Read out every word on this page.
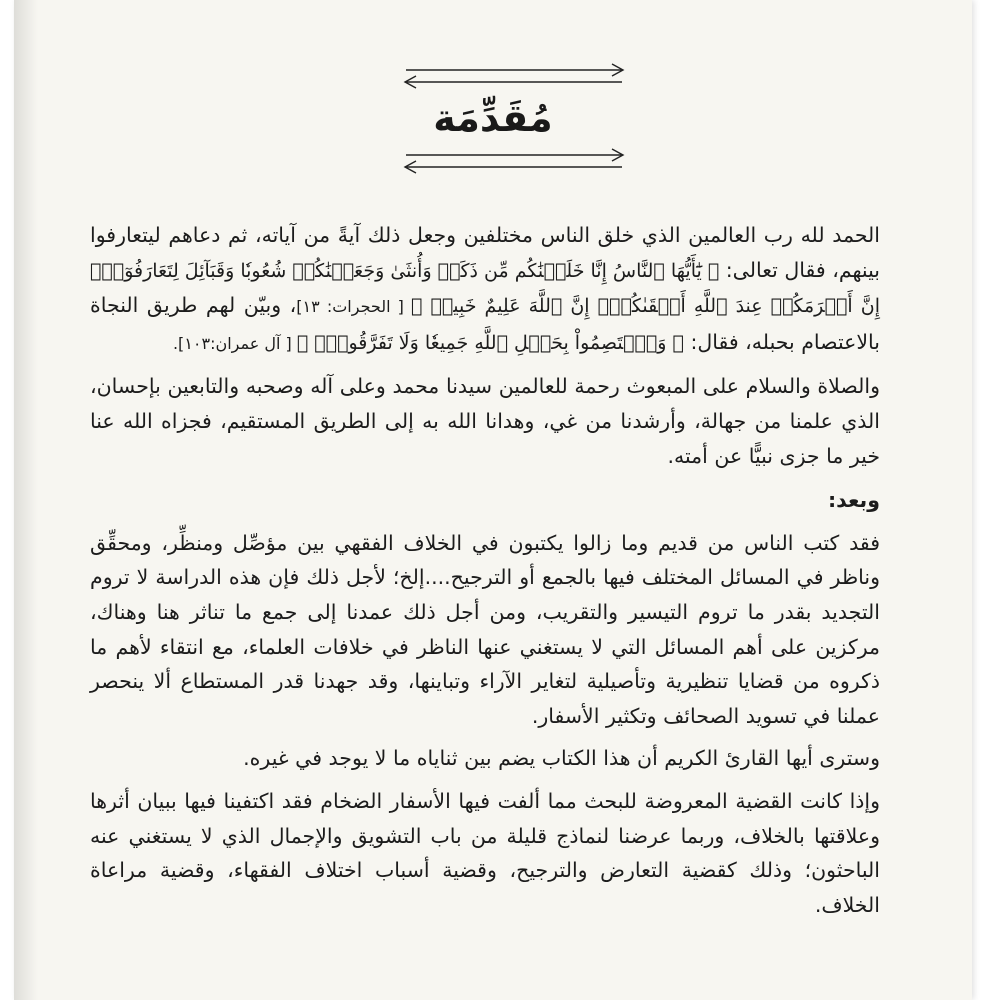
مُقَدِّمَة

الحمد لله رب العالمين الذي خلق الناس مختلفين وجعل ذلك آيةً من آياته، ثم دعاهم ليتعارفوا بينهم، فقال تعالى: ﴿ يَٰٓأَيُّهَا ٱلنَّاسُ إِنَّا خَلَقۡنَٰكُم مِّن ذَكَرٖ وَأُنثَىٰ وَجَعَلۡنَٰكُمۡ شُعُوبٗا وَقَبَآئِلَ لِتَعَارَفُوٓاْۚ إِنَّ أَكۡرَمَكُمۡ عِندَ ٱللَّهِ أَتۡقَىٰكُمۡۚ إِنَّ ٱللَّهَ عَلِيمٌ خَبِيرٞ ﴾ [ الحجرات: ١٣]، وبيّن لهم طريق النجاة بالاعتصام بحبله، فقال: ﴿ وَٱعۡتَصِمُواْ بِحَبۡلِ ٱللَّهِ جَمِيعٗا وَلَا تَفَرَّقُواْۚ ﴾ [ آل عمران:١٠٣].

والصلاة والسلام على المبعوث رحمة للعالمين سيدنا محمد وعلى آله وصحبه والتابعين بإحسان، الذي علمنا من جهالة، وأرشدنا من غي، وهدانا الله به إلى الطريق المستقيم، فجزاه الله عنا خير ما جزى نبيًّا عن أمته.

وبعد:

فقد كتب الناس من قديم وما زالوا يكتبون في الخلاف الفقهي بين مؤصِّل ومنظِّر، ومحقِّق وناظر في المسائل المختلف فيها بالجمع أو الترجيح....إلخ؛ لأجل ذلك فإن هذه الدراسة لا تروم التجديد بقدر ما تروم التيسير والتقريب، ومن أجل ذلك عمدنا إلى جمع ما تناثر هنا وهناك، مركزين على أهم المسائل التي لا يستغني عنها الناظر في خلافات العلماء، مع انتقاء لأهم ما ذكروه من قضايا تنظيرية وتأصيلية لتغاير الآراء وتباينها، وقد جهدنا قدر المستطاع ألا ينحصر عملنا في تسويد الصحائف وتكثير الأسفار.

وسترى أيها القارئ الكريم أن هذا الكتاب يضم بين ثناياه ما لا يوجد في غيره.

وإذا كانت القضية المعروضة للبحث مما ألفت فيها الأسفار الضخام فقد اكتفينا فيها ببيان أثرها وعلاقتها بالخلاف، وربما عرضنا لنماذج قليلة من باب التشويق والإجمال الذي لا يستغني عنه الباحثون؛ وذلك كقضية التعارض والترجيح، وقضية أسباب اختلاف الفقهاء، وقضية مراعاة الخلاف.
